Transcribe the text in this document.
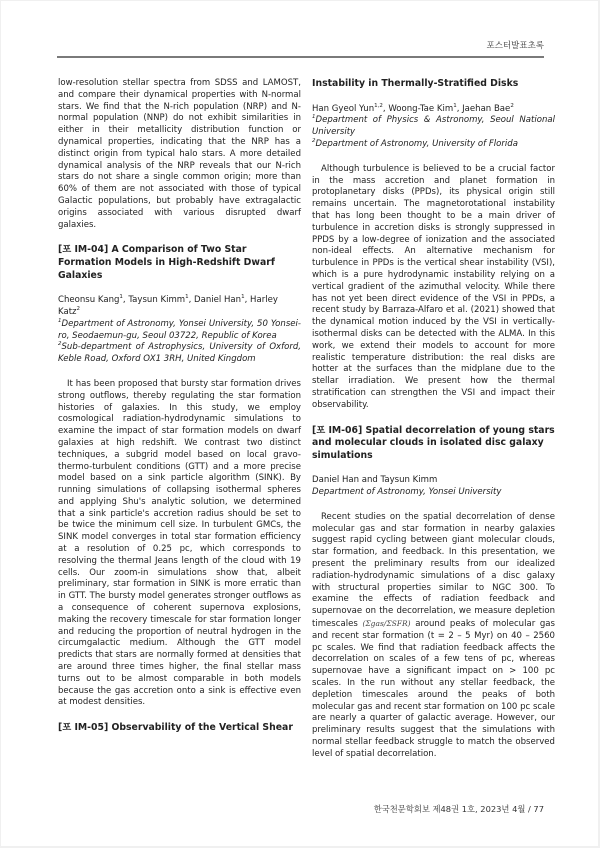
포스터발표초록

low-resolution stellar spectra from SDSS and LAMOST, and compare their dynamical properties with N-normal stars. We find that the N-rich population (NRP) and N-normal population (NNP) do not exhibit similarities in either in their metallicity distribution function or dynamical properties, indicating that the NRP has a distinct origin from typical halo stars. A more detailed dynamical analysis of the NRP reveals that our N-rich stars do not share a single common origin; more than 60% of them are not associated with those of typical Galactic populations, but probably have extragalactic origins associated with various disrupted dwarf galaxies.

[포 IM-04] A Comparison of Two Star Formation Models in High-Redshift Dwarf Galaxies

Cheonsu Kang$^1$, Taysun Kimm$^1$, Daniel Han$^1$, Harley Katz$^2$

$^1$Department of Astronomy, Yonsei University, 50 Yonsei-ro, Seodaemun-gu, Seoul 03722, Republic of Korea

$^2$Sub-department of Astrophysics, University of Oxford, Keble Road, Oxford OX1 3RH, United Kingdom

It has been proposed that bursty star formation drives strong outflows, thereby regulating the star formation histories of galaxies. In this study, we employ cosmological radiation-hydrodynamic simulations to examine the impact of star formation models on dwarf galaxies at high redshift. We contrast two distinct techniques, a subgrid model based on local gravo-thermo-turbulent conditions (GTT) and a more precise model based on a sink particle algorithm (SINK). By running simulations of collapsing isothermal spheres and applying Shu's analytic solution, we determined that a sink particle's accretion radius should be set to be twice the minimum cell size. In turbulent GMCs, the SINK model converges in total star formation efficiency at a resolution of 0.25 pc, which corresponds to resolving the thermal Jeans length of the cloud with 19 cells. Our zoom-in simulations show that, albeit preliminary, star formation in SINK is more erratic than in GTT. The bursty model generates stronger outflows as a consequence of coherent supernova explosions, making the recovery timescale for star formation longer and reducing the proportion of neutral hydrogen in the circumgalactic medium. Although the GTT model predicts that stars are normally formed at densities that are around three times higher, the final stellar mass turns out to be almost comparable in both models because the gas accretion onto a sink is effective even at modest densities.

[포 IM-05] Observability of the Vertical Shear

Instability in Thermally-Stratified Disks

Han Gyeol Yun$^{1,2}$, Woong-Tae Kim$^1$, Jaehan Bae$^2$

$^1$Department of Physics & Astronomy, Seoul National University

$^2$Department of Astronomy, University of Florida

Although turbulence is believed to be a crucial factor in the mass accretion and planet formation in protoplanetary disks (PPDs), its physical origin still remains uncertain. The magnetorotational instability that has long been thought to be a main driver of turbulence in accretion disks is strongly suppressed in PPDS by a low-degree of ionization and the associated non-ideal effects. An alternative mechanism for turbulence in PPDs is the vertical shear instability (VSI), which is a pure hydrodynamic instability relying on a vertical gradient of the azimuthal velocity. While there has not yet been direct evidence of the VSI in PPDs, a recent study by Barraza-Alfaro et al. (2021) showed that the dynamical motion induced by the VSI in vertically-isothermal disks can be detected with the ALMA. In this work, we extend their models to account for more realistic temperature distribution: the real disks are hotter at the surfaces than the midplane due to the stellar irradiation. We present how the thermal stratification can strengthen the VSI and impact their observability.

[포 IM-06] Spatial decorrelation of young stars and molecular clouds in isolated disc galaxy simulations

Daniel Han and Taysun Kimm

Department of Astronomy, Yonsei University

Recent studies on the spatial decorrelation of dense molecular gas and star formation in nearby galaxies suggest rapid cycling between giant molecular clouds, star formation, and feedback. In this presentation, we present the preliminary results from our idealized radiation-hydrodynamic simulations of a disc galaxy with structural properties similar to NGC 300. To examine the effects of radiation feedback and supernovae on the decorrelation, we measure depletion timescales (Σgas/ΣSFR) around peaks of molecular gas and recent star formation (t = 2 – 5 Myr) on 40 – 2560 pc scales. We find that radiation feedback affects the decorrelation on scales of a few tens of pc, whereas supernovae have a significant impact on > 100 pc scales. In the run without any stellar feedback, the depletion timescales around the peaks of both molecular gas and recent star formation on 100 pc scale are nearly a quarter of galactic average. However, our preliminary results suggest that the simulations with normal stellar feedback struggle to match the observed level of spatial decorrelation.

한국천문학회보 제48권 1호, 2023년 4월 / 77
